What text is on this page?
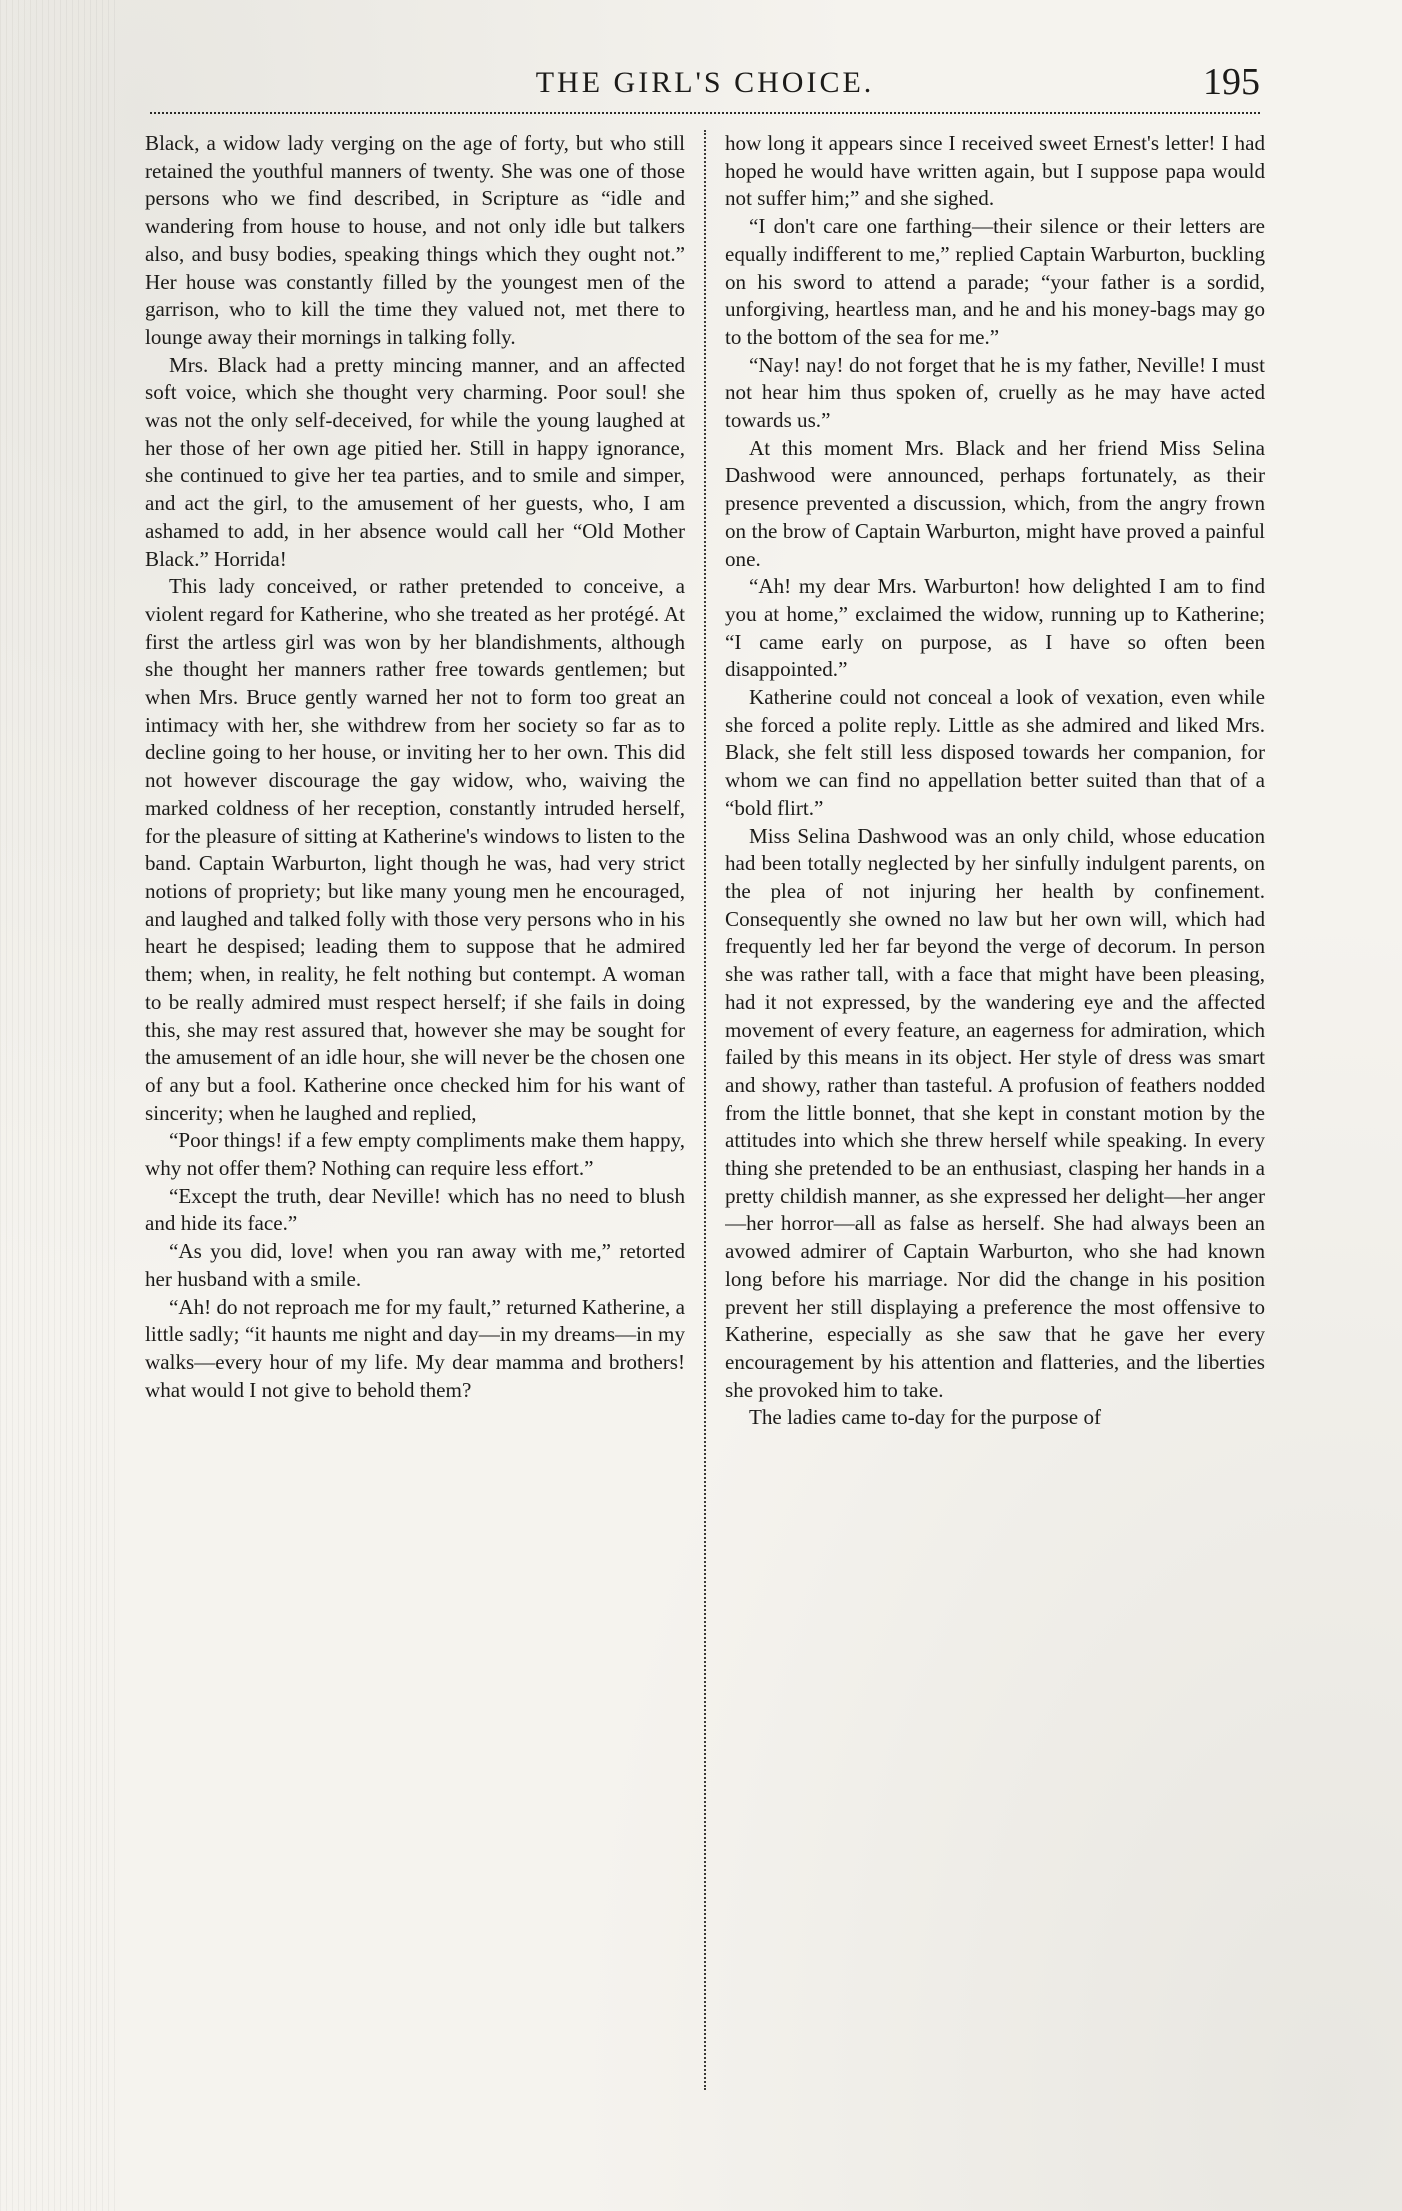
THE GIRL'S CHOICE.	195

Black, a widow lady verging on the age of forty, but who still retained the youthful manners of twenty. She was one of those persons who we find described, in Scripture as “idle and wandering from house to house, and not only idle but talkers also, and busy bodies, speaking things which they ought not.” Her house was constantly filled by the youngest men of the garrison, who to kill the time they valued not, met there to lounge away their mornings in talking folly.

Mrs. Black had a pretty mincing manner, and an affected soft voice, which she thought very charming. Poor soul! she was not the only self-deceived, for while the young laughed at her those of her own age pitied her. Still in happy ignorance, she continued to give her tea parties, and to smile and simper, and act the girl, to the amusement of her guests, who, I am ashamed to add, in her absence would call her “Old Mother Black.” Horrida!

This lady conceived, or rather pretended to conceive, a violent regard for Katherine, who she treated as her protégé. At first the artless girl was won by her blandishments, although she thought her manners rather free towards gentlemen; but when Mrs. Bruce gently warned her not to form too great an intimacy with her, she withdrew from her society so far as to decline going to her house, or inviting her to her own. This did not however discourage the gay widow, who, waiving the marked coldness of her reception, constantly intruded herself, for the pleasure of sitting at Katherine's windows to listen to the band. Captain Warburton, light though he was, had very strict notions of propriety; but like many young men he encouraged, and laughed and talked folly with those very persons who in his heart he despised; leading them to suppose that he admired them; when, in reality, he felt nothing but contempt. A woman to be really admired must respect herself; if she fails in doing this, she may rest assured that, however she may be sought for the amusement of an idle hour, she will never be the chosen one of any but a fool. Katherine once checked him for his want of sincerity; when he laughed and replied,

“Poor things! if a few empty compliments make them happy, why not offer them? Nothing can require less effort.”

“Except the truth, dear Neville! which has no need to blush and hide its face.”

“As you did, love! when you ran away with me,” retorted her husband with a smile.

“Ah! do not reproach me for my fault,” returned Katherine, a little sadly; “it haunts me night and day—in my dreams—in my walks—every hour of my life. My dear mamma and brothers! what would I not give to behold them?

how long it appears since I received sweet Ernest's letter! I had hoped he would have written again, but I suppose papa would not suffer him;” and she sighed.

“I don't care one farthing—their silence or their letters are equally indifferent to me,” replied Captain Warburton, buckling on his sword to attend a parade; “your father is a sordid, unforgiving, heartless man, and he and his money-bags may go to the bottom of the sea for me.”

“Nay! nay! do not forget that he is my father, Neville! I must not hear him thus spoken of, cruelly as he may have acted towards us.”

At this moment Mrs. Black and her friend Miss Selina Dashwood were announced, perhaps fortunately, as their presence prevented a discussion, which, from the angry frown on the brow of Captain Warburton, might have proved a painful one.

“Ah! my dear Mrs. Warburton! how delighted I am to find you at home,” exclaimed the widow, running up to Katherine; “I came early on purpose, as I have so often been disappointed.”

Katherine could not conceal a look of vexation, even while she forced a polite reply. Little as she admired and liked Mrs. Black, she felt still less disposed towards her companion, for whom we can find no appellation better suited than that of a “bold flirt.”

Miss Selina Dashwood was an only child, whose education had been totally neglected by her sinfully indulgent parents, on the plea of not injuring her health by confinement. Consequently she owned no law but her own will, which had frequently led her far beyond the verge of decorum. In person she was rather tall, with a face that might have been pleasing, had it not expressed, by the wandering eye and the affected movement of every feature, an eagerness for admiration, which failed by this means in its object. Her style of dress was smart and showy, rather than tasteful. A profusion of feathers nodded from the little bonnet, that she kept in constant motion by the attitudes into which she threw herself while speaking. In every thing she pretended to be an enthusiast, clasping her hands in a pretty childish manner, as she expressed her delight—her anger—her horror—all as false as herself. She had always been an avowed admirer of Captain Warburton, who she had known long before his marriage. Nor did the change in his position prevent her still displaying a preference the most offensive to Katherine, especially as she saw that he gave her every encouragement by his attention and flatteries, and the liberties she provoked him to take.

The ladies came to-day for the purpose of
